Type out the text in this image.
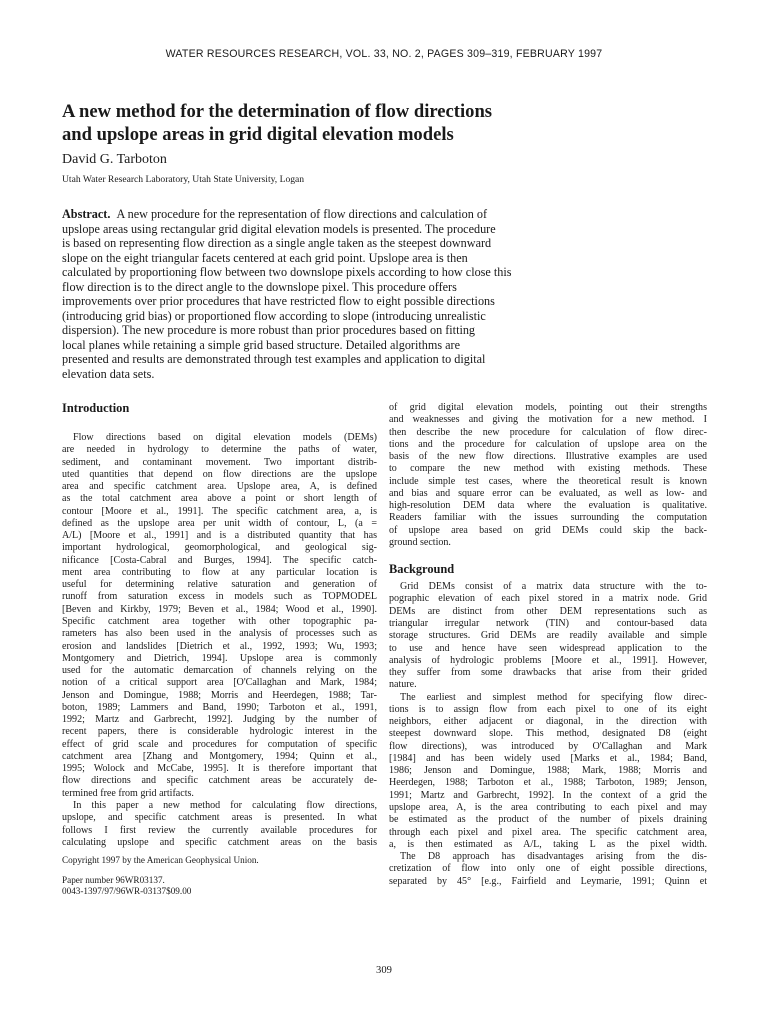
WATER RESOURCES RESEARCH, VOL. 33, NO. 2, PAGES 309–319, FEBRUARY 1997
A new method for the determination of flow directions
and upslope areas in grid digital elevation models
David G. Tarboton
Utah Water Research Laboratory, Utah State University, Logan
Abstract. A new procedure for the representation of flow directions and calculation of
upslope areas using rectangular grid digital elevation models is presented. The procedure
is based on representing flow direction as a single angle taken as the steepest downward
slope on the eight triangular facets centered at each grid point. Upslope area is then
calculated by proportioning flow between two downslope pixels according to how close this
flow direction is to the direct angle to the downslope pixel. This procedure offers
improvements over prior procedures that have restricted flow to eight possible directions
(introducing grid bias) or proportioned flow according to slope (introducing unrealistic
dispersion). The new procedure is more robust than prior procedures based on fitting
local planes while retaining a simple grid based structure. Detailed algorithms are
presented and results are demonstrated through test examples and application to digital
elevation data sets.
Introduction
Flow directions based on digital elevation models (DEMs)
are needed in hydrology to determine the paths of water,
sediment, and contaminant movement. Two important distrib-
uted quantities that depend on flow directions are the upslope
area and specific catchment area. Upslope area, A, is defined
as the total catchment area above a point or short length of
contour [Moore et al., 1991]. The specific catchment area, a, is
defined as the upslope area per unit width of contour, L, (a =
A/L) [Moore et al., 1991] and is a distributed quantity that has
important hydrological, geomorphological, and geological sig-
nificance [Costa-Cabral and Burges, 1994]. The specific catch-
ment area contributing to flow at any particular location is
useful for determining relative saturation and generation of
runoff from saturation excess in models such as TOPMODEL
[Beven and Kirkby, 1979; Beven et al., 1984; Wood et al., 1990].
Specific catchment area together with other topographic pa-
rameters has also been used in the analysis of processes such as
erosion and landslides [Dietrich et al., 1992, 1993; Wu, 1993;
Montgomery and Dietrich, 1994]. Upslope area is commonly
used for the automatic demarcation of channels relying on the
notion of a critical support area [O'Callaghan and Mark, 1984;
Jenson and Domingue, 1988; Morris and Heerdegen, 1988; Tar-
boton, 1989; Lammers and Band, 1990; Tarboton et al., 1991,
1992; Martz and Garbrecht, 1992]. Judging by the number of
recent papers, there is considerable hydrologic interest in the
effect of grid scale and procedures for computation of specific
catchment area [Zhang and Montgomery, 1994; Quinn et al.,
1995; Wolock and McCabe, 1995]. It is therefore important that
flow directions and specific catchment areas be accurately de-
termined free from grid artifacts.
In this paper a new method for calculating flow directions,
upslope, and specific catchment areas is presented. In what
follows I first review the currently available procedures for
calculating upslope and specific catchment areas on the basis
Copyright 1997 by the American Geophysical Union.
Paper number 96WR03137.
0043-1397/97/96WR-03137$09.00
of grid digital elevation models, pointing out their strengths
and weaknesses and giving the motivation for a new method. I
then describe the new procedure for calculation of flow direc-
tions and the procedure for calculation of upslope area on the
basis of the new flow directions. Illustrative examples are used
to compare the new method with existing methods. These
include simple test cases, where the theoretical result is known
and bias and square error can be evaluated, as well as low- and
high-resolution DEM data where the evaluation is qualitative.
Readers familiar with the issues surrounding the computation
of upslope area based on grid DEMs could skip the back-
ground section.
Background
Grid DEMs consist of a matrix data structure with the to-
pographic elevation of each pixel stored in a matrix node. Grid
DEMs are distinct from other DEM representations such as
triangular irregular network (TIN) and contour-based data
storage structures. Grid DEMs are readily available and simple
to use and hence have seen widespread application to the
analysis of hydrologic problems [Moore et al., 1991]. However,
they suffer from some drawbacks that arise from their grided
nature.
The earliest and simplest method for specifying flow direc-
tions is to assign flow from each pixel to one of its eight
neighbors, either adjacent or diagonal, in the direction with
steepest downward slope. This method, designated D8 (eight
flow directions), was introduced by O'Callaghan and Mark
[1984] and has been widely used [Marks et al., 1984; Band,
1986; Jenson and Domingue, 1988; Mark, 1988; Morris and
Heerdegen, 1988; Tarboton et al., 1988; Tarboton, 1989; Jenson,
1991; Martz and Garbrecht, 1992]. In the context of a grid the
upslope area, A, is the area contributing to each pixel and may
be estimated as the product of the number of pixels draining
through each pixel and pixel area. The specific catchment area,
a, is then estimated as A/L, taking L as the pixel width.
The D8 approach has disadvantages arising from the dis-
cretization of flow into only one of eight possible directions,
separated by 45° [e.g., Fairfield and Leymarie, 1991; Quinn et
309
